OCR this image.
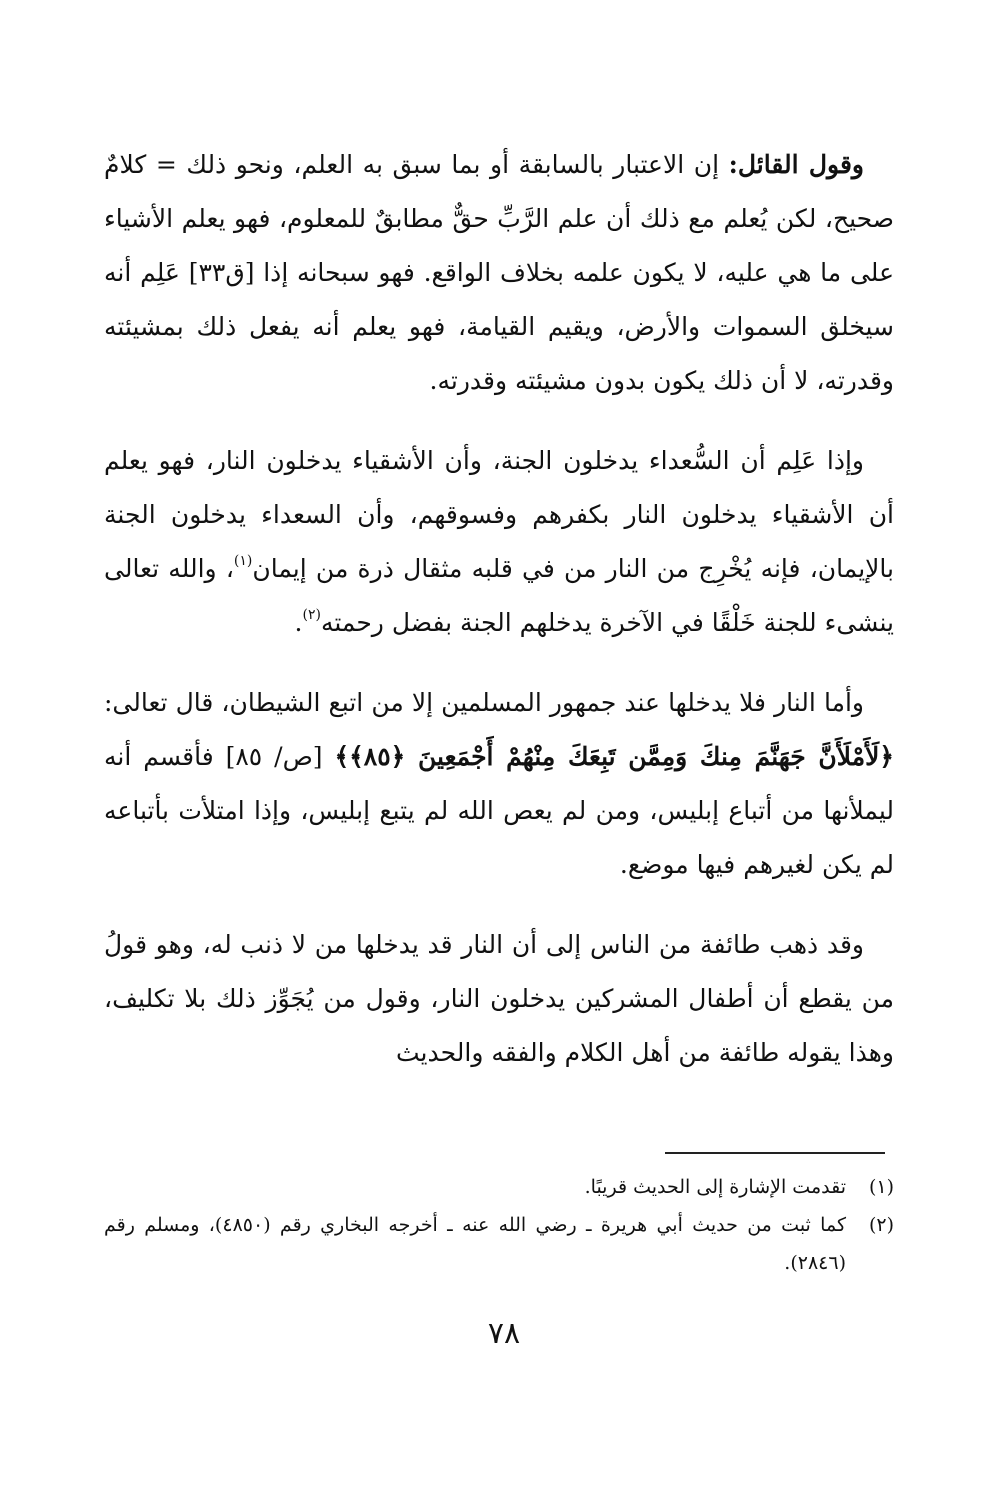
وقول القائل: إن الاعتبار بالسابقة أو بما سبق به العلم، ونحو ذلك = كلامٌ صحيح، لكن يُعلم مع ذلك أن علم الرَّبِّ حقٌّ مطابقٌ للمعلوم، فهو يعلم الأشياء على ما هي عليه، لا يكون علمه بخلاف الواقع. فهو سبحانه إذا [ق٣٣] عَلِم أنه سيخلق السموات والأرض، ويقيم القيامة، فهو يعلم أنه يفعل ذلك بمشيئته وقدرته، لا أن ذلك يكون بدون مشيئته وقدرته.

وإذا عَلِم أن السُّعداء يدخلون الجنة، وأن الأشقياء يدخلون النار، فهو يعلم أن الأشقياء يدخلون النار بكفرهم وفسوقهم، وأن السعداء يدخلون الجنة بالإيمان، فإنه يُخْرِج من النار من في قلبه مثقال ذرة من إيمان$^{(١)}$، والله تعالى ينشىء للجنة خَلْقًا في الآخرة يدخلهم الجنة بفضل رحمته$^{(٢)}$.

وأما النار فلا يدخلها عند جمهور المسلمين إلا من اتبع الشيطان، قال تعالى: ﴿لَأَمْلَأَنَّ جَهَنَّمَ مِنكَ وَمِمَّن تَبِعَكَ مِنْهُمْ أَجْمَعِينَ ﴿٨٥﴾﴾ [ص/ ٨٥] فأقسم أنه ليملأنها من أتباع إبليس، ومن لم يعص الله لم يتبع إبليس، وإذا امتلأت بأتباعه لم يكن لغيرهم فيها موضع.

وقد ذهب طائفة من الناس إلى أن النار قد يدخلها من لا ذنب له، وهو قولُ من يقطع أن أطفال المشركين يدخلون النار، وقول من يُجَوِّز ذلك بلا تكليف، وهذا يقوله طائفة من أهل الكلام والفقه والحديث

(١)
تقدمت الإشارة إلى الحديث قريبًا.
(٢)
كما ثبت من حديث أبي هريرة ـ رضي الله عنه ـ أخرجه البخاري رقم (٤٨٥٠)، ومسلم رقم (٢٨٤٦).
٧٨
